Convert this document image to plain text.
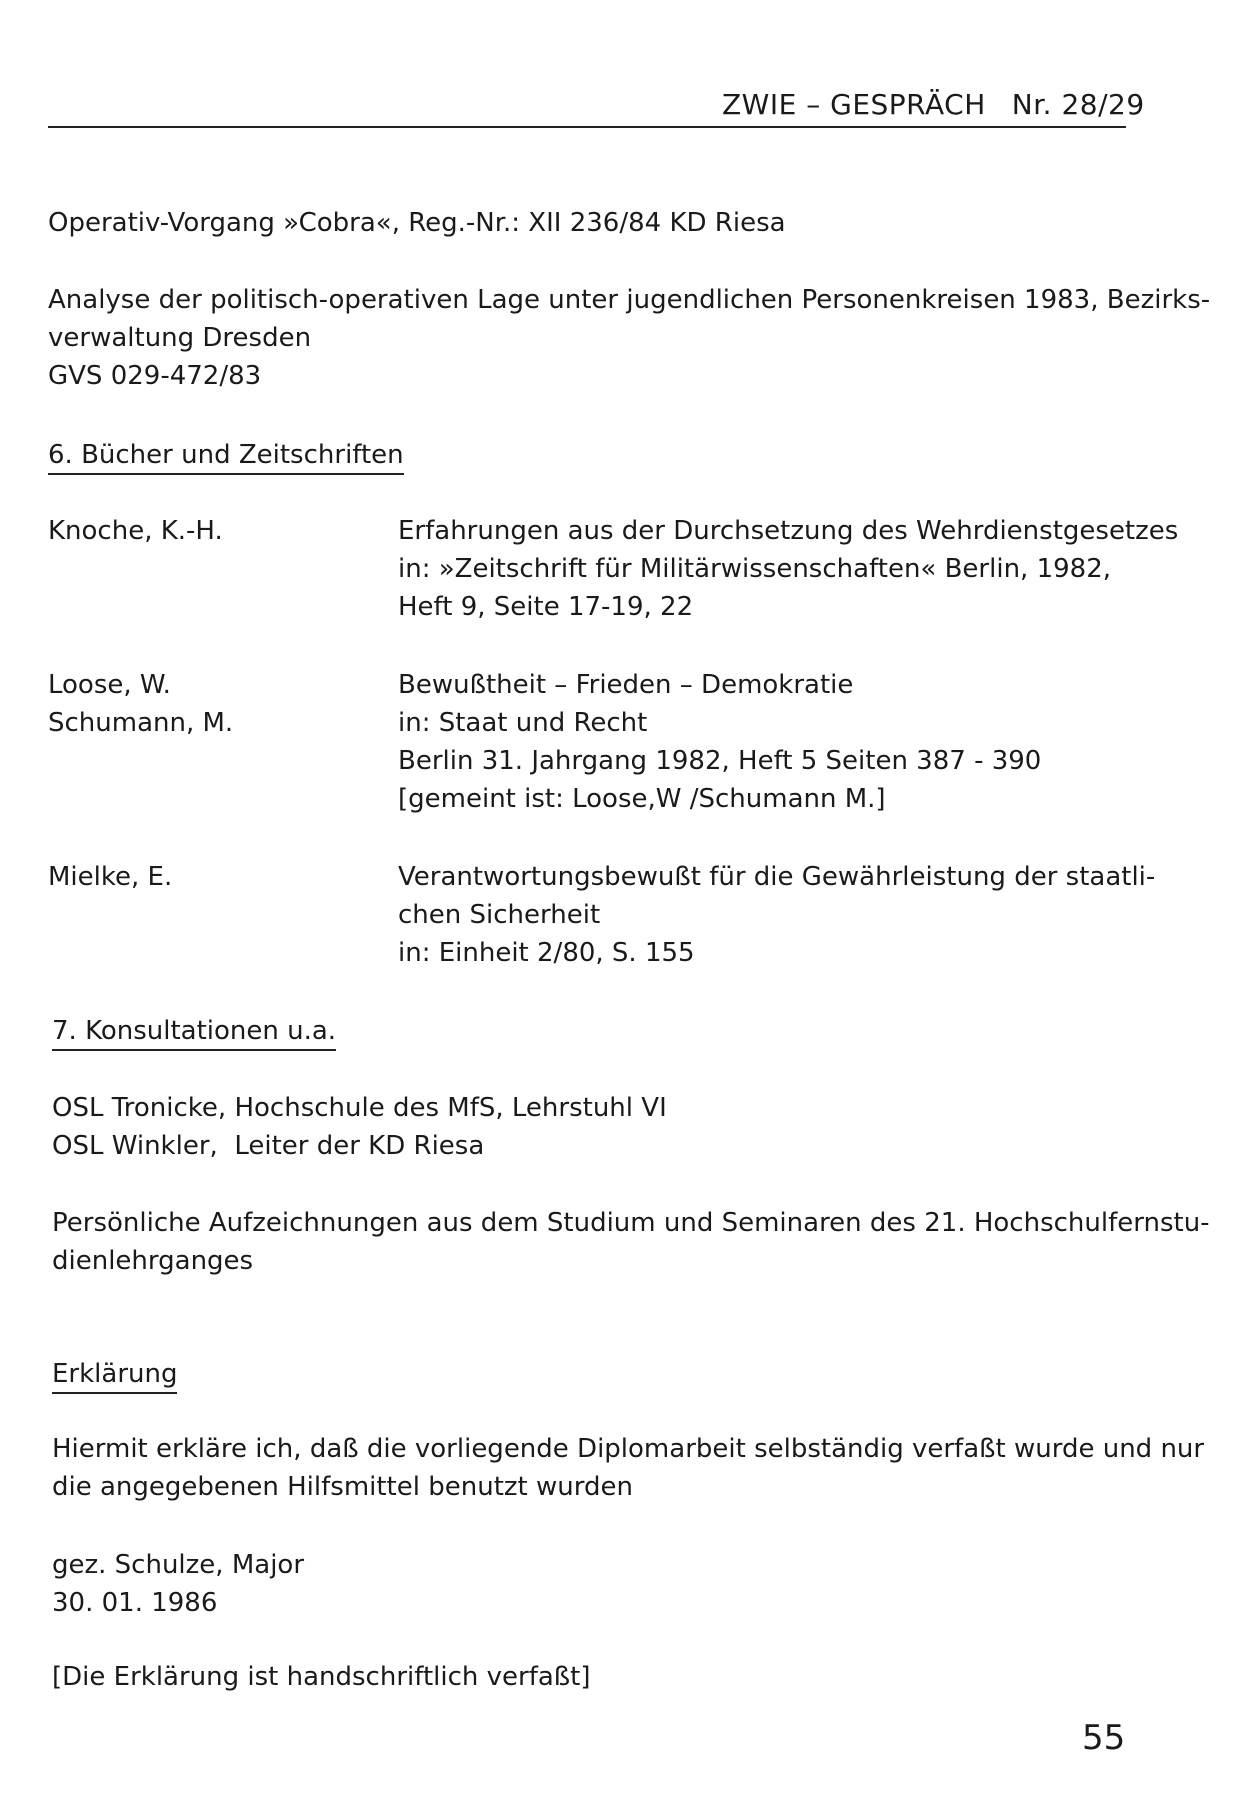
ZWIE – GESPRÄCH Nr. 28/29

Operativ-Vorgang »Cobra«, Reg.-Nr.: XII 236/84 KD Riesa

Analyse der politisch-operativen Lage unter jugendlichen Personenkreisen 1983, Bezirks-
verwaltung Dresden
GVS 029-472/83

6. Bücher und Zeitschriften

Knoche, K.-H.	Erfahrungen aus der Durchsetzung des Wehrdienstgesetzes
in: »Zeitschrift für Militärwissenschaften« Berlin, 1982,
Heft 9, Seite 17-19, 22
Loose, W.
Schumann, M.
Bewußtheit – Frieden – Demokratie
in: Staat und Recht
Berlin 31. Jahrgang 1982, Heft 5 Seiten 387 - 390
[gemeint ist: Loose,W /Schumann M.]
Mielke, E.	Verantwortungsbewußt für die Gewährleistung der staatli-
chen Sicherheit
in: Einheit 2/80, S. 155

7. Konsultationen u.a.

OSL Tronicke, Hochschule des MfS, Lehrstuhl VI
OSL Winkler,  Leiter der KD Riesa
Persönliche Aufzeichnungen aus dem Studium und Seminaren des 21. Hochschulfernstu-
dienlehrganges

Erklärung

Hiermit erkläre ich, daß die vorliegende Diplomarbeit selbständig verfaßt wurde und nur
die angegebenen Hilfsmittel benutzt wurden
gez. Schulze, Major
30. 01. 1986

[Die Erklärung ist handschriftlich verfaßt]

55
